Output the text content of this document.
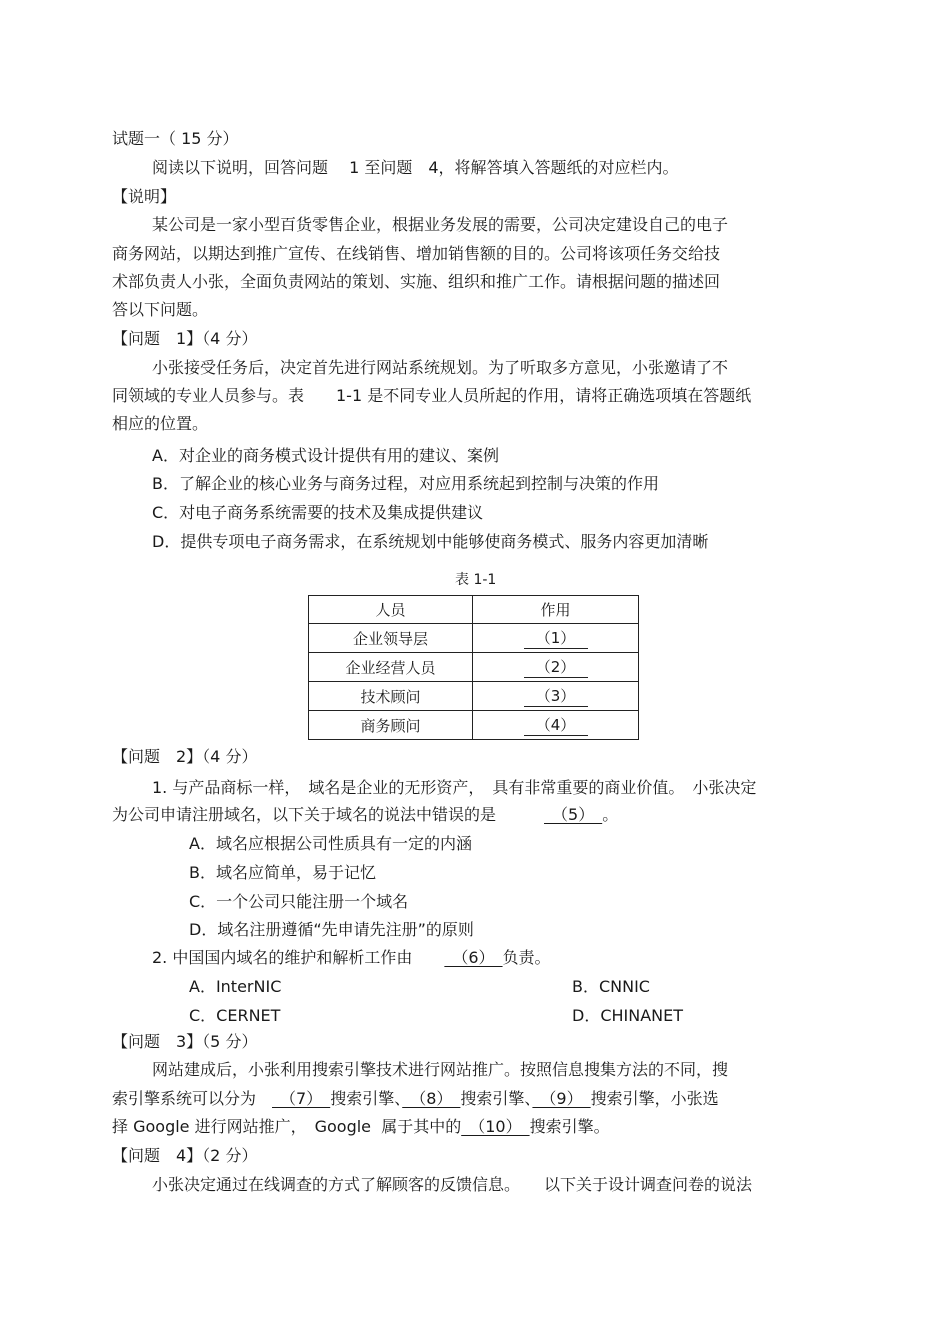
试题一（ 15 分）
阅读以下说明，回答问题　 1 至问题　4，将解答填入答题纸的对应栏内。
【说明】
某公司是一家小型百货零售企业，根据业务发展的需要，公司决定建设自己的电子
商务网站，以期达到推广宣传、在线销售、增加销售额的目的。公司将该项任务交给技
术部负责人小张，全面负责网站的策划、实施、组织和推广工作。请根据问题的描述回
答以下问题。
【问题　1】（4 分）
小张接受任务后，决定首先进行网站系统规划。为了听取多方意见，小张邀请了不
同领域的专业人员参与。表　　1-1 是不同专业人员所起的作用，请将正确选项填在答题纸
相应的位置。
A．对企业的商务模式设计提供有用的建议、案例
B．了解企业的核心业务与商务过程，对应用系统起到控制与决策的作用
C．对电子商务系统需要的技术及集成提供建议
D．提供专项电子商务需求，在系统规划中能够使商务模式、服务内容更加清晰
表 1-1
人员	作用
企业领导层	（1）
企业经营人员	（2）
技术顾问	（3）
商务顾问	（4）
【问题　2】（4 分）
1. 与产品商标一样，　域名是企业的无形资产，　具有非常重要的商业价值。　小张决定
为公司申请注册域名，以下关于域名的说法中错误的是　　　　（5）　。
A．域名应根据公司性质具有一定的内涵
B．域名应简单，易于记忆
C．一个公司只能注册一个域名
D．域名注册遵循“先申请先注册”的原则
2. 中国国内域名的维护和解析工作由　　　（6）　负责。
A．InterNIC	B．CNNIC
C．CERNET	D．CHINANET
【问题　3】（5 分）
网站建成后，小张利用搜索引擎技术进行网站推广。按照信息搜集方法的不同，搜
索引擎系统可以分为　　（7）　搜索引擎、　（8）　搜索引擎、　（9）　搜索引擎，小张选
择 Google 进行网站推广，　Google  属于其中的　（10）　搜索引擎。
【问题　4】（2 分）
小张决定通过在线调查的方式了解顾客的反馈信息。　　以下关于设计调查问卷的说法
